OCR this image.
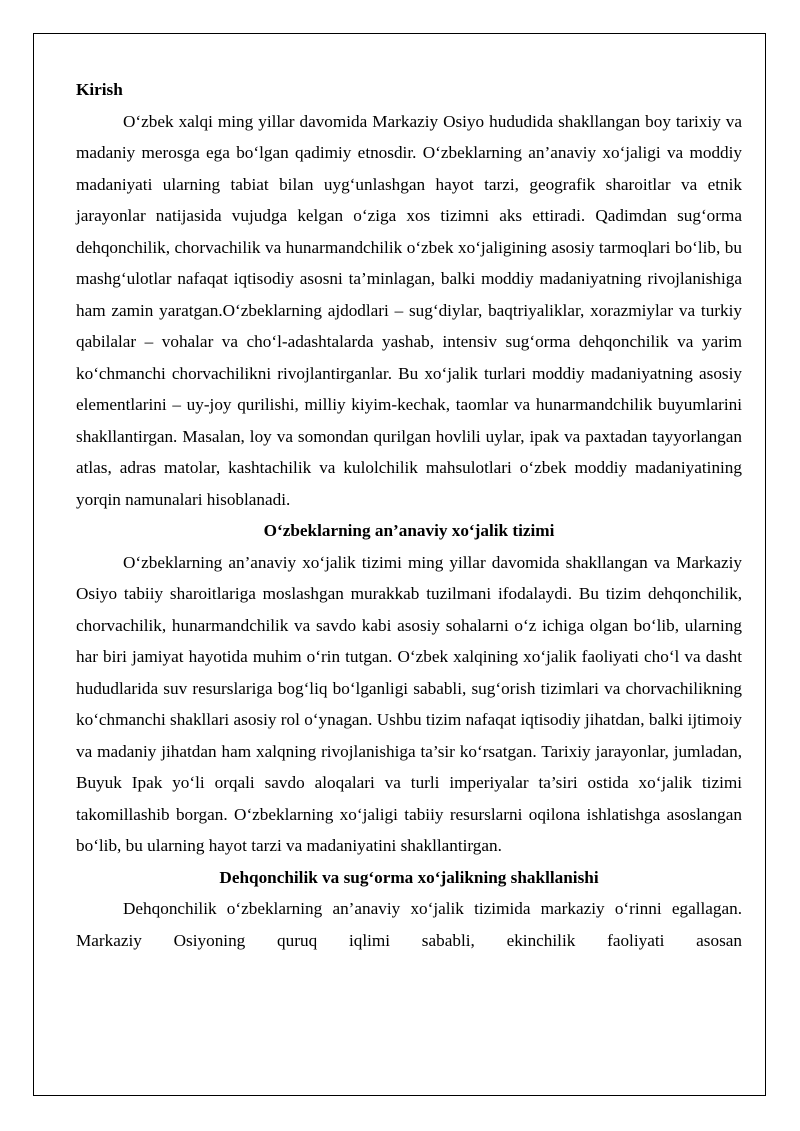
Kirish

O‘zbek xalqi ming yillar davomida Markaziy Osiyo hududida shakllangan boy tarixiy va madaniy merosga ega bo‘lgan qadimiy etnosdir. O‘zbeklarning an’anaviy xo‘jaligi va moddiy madaniyati ularning tabiat bilan uyg‘unlashgan hayot tarzi, geografik sharoitlar va etnik jarayonlar natijasida vujudga kelgan o‘ziga xos tizimni aks ettiradi. Qadimdan sug‘orma dehqonchilik, chorvachilik va hunarmandchilik o‘zbek xo‘jaligining asosiy tarmoqlari bo‘lib, bu mashg‘ulotlar nafaqat iqtisodiy asosni ta’minlagan, balki moddiy madaniyatning rivojlanishiga ham zamin yaratgan.O‘zbeklarning ajdodlari – sug‘diylar, baqtriyaliklar, xorazmiylar va turkiy qabilalar – vohalar va cho‘l-adashtalarda yashab, intensiv sug‘orma dehqonchilik va yarim ko‘chmanchi chorvachilikni rivojlantirganlar. Bu xo‘jalik turlari moddiy madaniyatning asosiy elementlarini – uy-joy qurilishi, milliy kiyim-kechak, taomlar va hunarmandchilik buyumlarini shakllantirgan. Masalan, loy va somondan qurilgan hovlili uylar, ipak va paxtadan tayyorlangan atlas, adras matolar, kashtachilik va kulolchilik mahsulotlari o‘zbek moddiy madaniyatining yorqin namunalari hisoblanadi.

O‘zbeklarning an’anaviy xo‘jalik tizimi

O‘zbeklarning an’anaviy xo‘jalik tizimi ming yillar davomida shakllangan va Markaziy Osiyo tabiiy sharoitlariga moslashgan murakkab tuzilmani ifodalaydi. Bu tizim dehqonchilik, chorvachilik, hunarmandchilik va savdo kabi asosiy sohalarni o‘z ichiga olgan bo‘lib, ularning har biri jamiyat hayotida muhim o‘rin tutgan. O‘zbek xalqining xo‘jalik faoliyati cho‘l va dasht hududlarida suv resurslariga bog‘liq bo‘lganligi sababli, sug‘orish tizimlari va chorvachilikning ko‘chmanchi shakllari asosiy rol o‘ynagan. Ushbu tizim nafaqat iqtisodiy jihatdan, balki ijtimoiy va madaniy jihatdan ham xalqning rivojlanishiga ta’sir ko‘rsatgan. Tarixiy jarayonlar, jumladan, Buyuk Ipak yo‘li orqali savdo aloqalari va turli imperiyalar ta’siri ostida xo‘jalik tizimi takomillashib borgan. O‘zbeklarning xo‘jaligi tabiiy resurslarni oqilona ishlatishga asoslangan bo‘lib, bu ularning hayot tarzi va madaniyatini shakllantirgan.

Dehqonchilik va sug‘orma xo‘jalikning shakllanishi

Dehqonchilik o‘zbeklarning an’anaviy xo‘jalik tizimida markaziy o‘rinni egallagan. Markaziy Osiyoning quruq iqlimi sababli, ekinchilik faoliyati asosan
